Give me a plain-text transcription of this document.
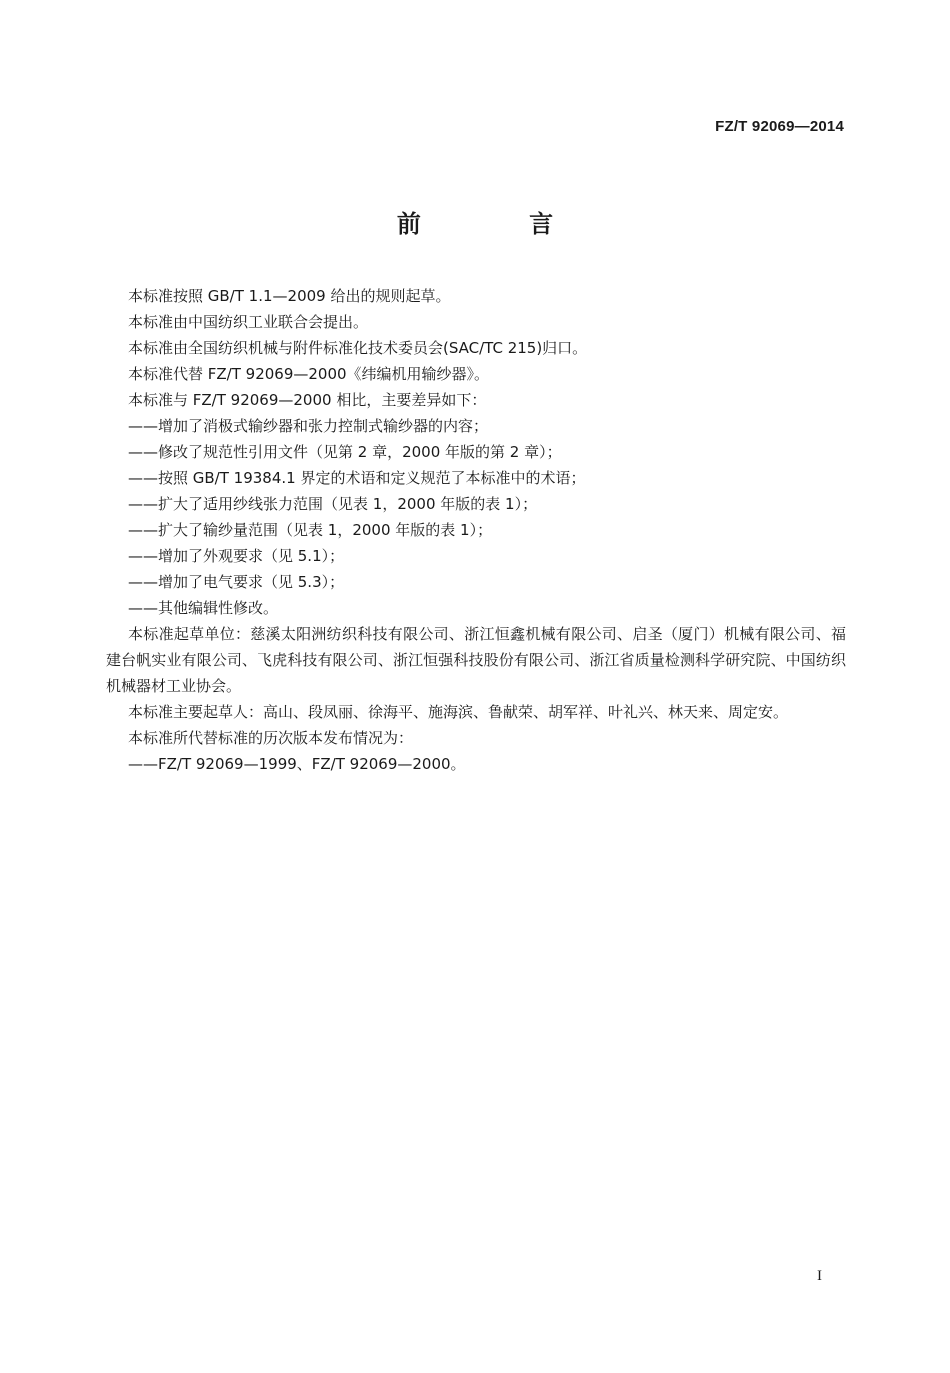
FZ/T 92069—2014
前 言

本标准按照 GB/T 1.1—2009 给出的规则起草。

本标准由中国纺织工业联合会提出。

本标准由全国纺织机械与附件标准化技术委员会(SAC/TC 215)归口。

本标准代替 FZ/T 92069—2000《纬编机用输纱器》。

本标准与 FZ/T 92069—2000 相比，主要差异如下：

——增加了消极式输纱器和张力控制式输纱器的内容；

——修改了规范性引用文件（见第 2 章，2000 年版的第 2 章）；

——按照 GB/T 19384.1 界定的术语和定义规范了本标准中的术语；

——扩大了适用纱线张力范围（见表 1，2000 年版的表 1）；

——扩大了输纱量范围（见表 1，2000 年版的表 1）；

——增加了外观要求（见 5.1）；

——增加了电气要求（见 5.3）；

——其他编辑性修改。

本标准起草单位：慈溪太阳洲纺织科技有限公司、浙江恒鑫机械有限公司、启圣（厦门）机械有限公司、福建台帆实业有限公司、飞虎科技有限公司、浙江恒强科技股份有限公司、浙江省质量检测科学研究院、中国纺织机械器材工业协会。

本标准主要起草人：高山、段凤丽、徐海平、施海滨、鲁献荣、胡军祥、叶礼兴、林天来、周定安。

本标准所代替标准的历次版本发布情况为：

——FZ/T 92069—1999、FZ/T 92069—2000。

I
